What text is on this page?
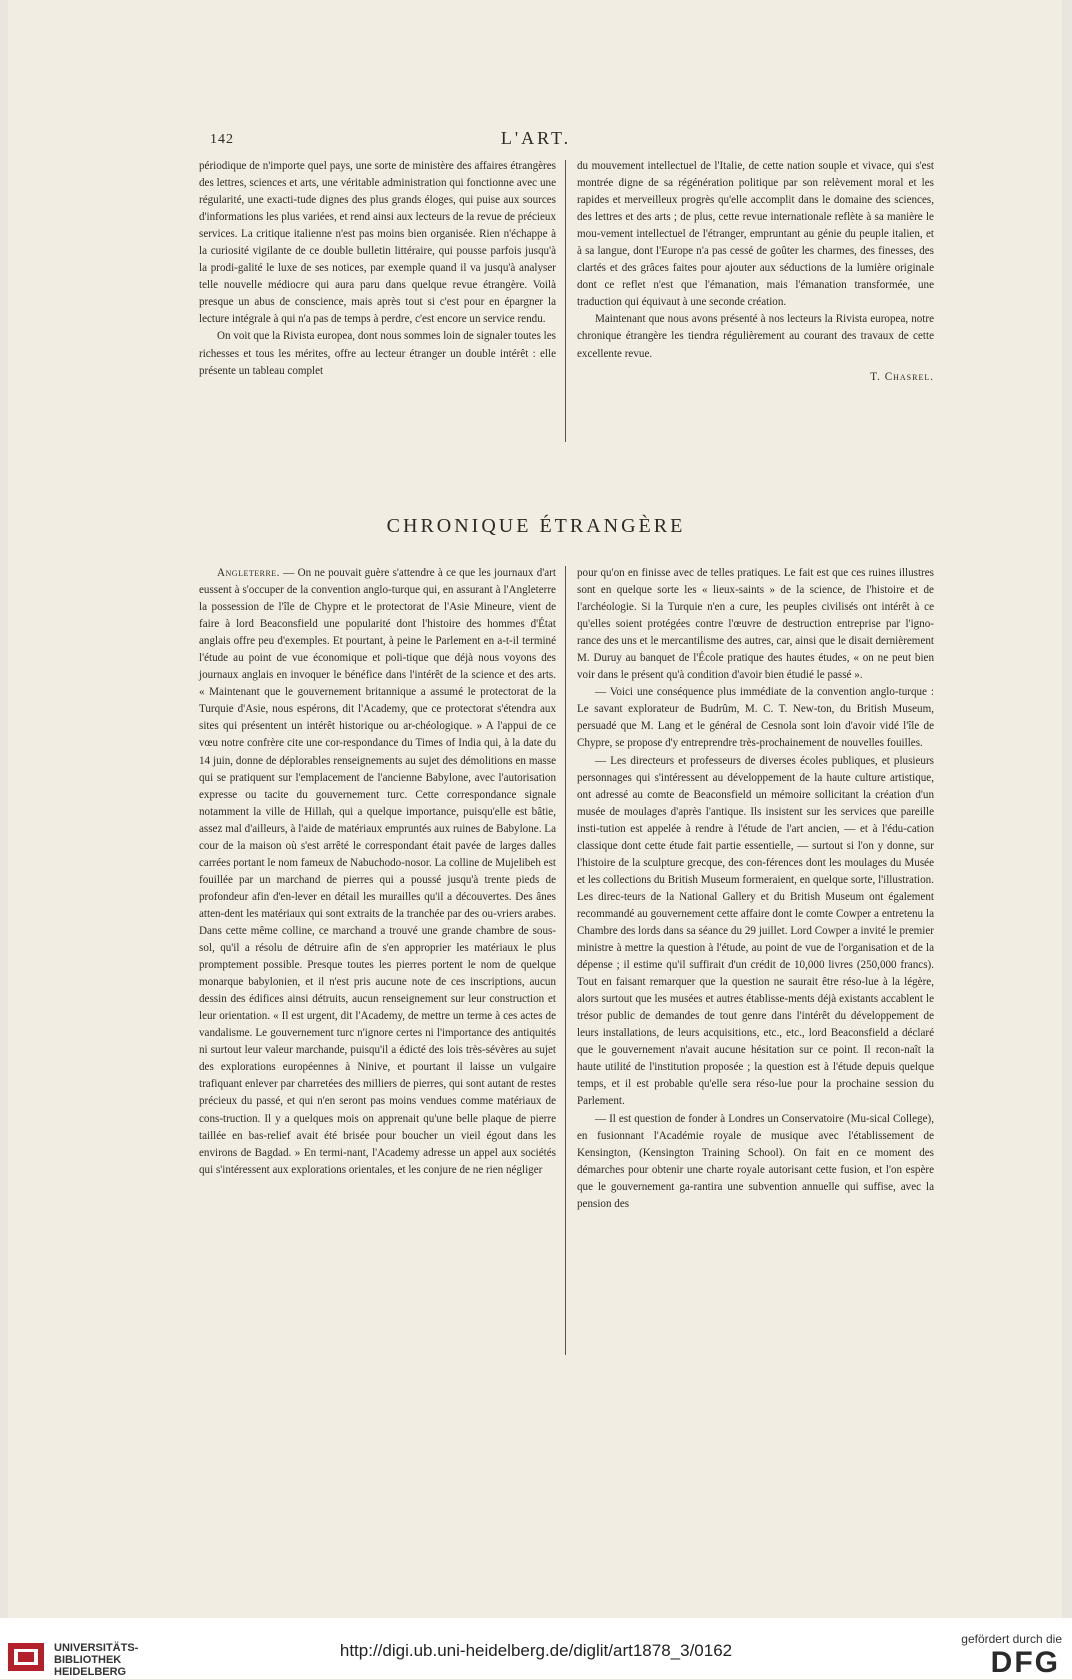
142	L'ART.

périodique de n'importe quel pays, une sorte de ministère des affaires étrangères des lettres, sciences et arts, une véritable administration qui fonctionne avec une régularité, une exacti-tude dignes des plus grands éloges, qui puise aux sources d'informations les plus variées, et rend ainsi aux lecteurs de la revue de précieux services. La critique italienne n'est pas moins bien organisée. Rien n'échappe à la curiosité vigilante de ce double bulletin littéraire, qui pousse parfois jusqu'à la prodi-galité le luxe de ses notices, par exemple quand il va jusqu'à analyser telle nouvelle médiocre qui aura paru dans quelque revue étrangère. Voilà presque un abus de conscience, mais après tout si c'est pour en épargner la lecture intégrale à qui n'a pas de temps à perdre, c'est encore un service rendu.

On voit que la Rivista europea, dont nous sommes loin de signaler toutes les richesses et tous les mérites, offre au lecteur étranger un double intérêt : elle présente un tableau complet

du mouvement intellectuel de l'Italie, de cette nation souple et vivace, qui s'est montrée digne de sa régénération politique par son relèvement moral et les rapides et merveilleux progrès qu'elle accomplit dans le domaine des sciences, des lettres et des arts ; de plus, cette revue internationale reflète à sa manière le mou-vement intellectuel de l'étranger, empruntant au génie du peuple italien, et à sa langue, dont l'Europe n'a pas cessé de goûter les charmes, des finesses, des clartés et des grâces faites pour ajouter aux séductions de la lumière originale dont ce reflet n'est que l'émanation, mais l'émanation transformée, une traduction qui équivaut à une seconde création.

Maintenant que nous avons présenté à nos lecteurs la Rivista europea, notre chronique étrangère les tiendra régulièrement au courant des travaux de cette excellente revue.

T. Chasrel.

CHRONIQUE ÉTRANGÈRE

Angleterre. — On ne pouvait guère s'attendre à ce que les journaux d'art eussent à s'occuper de la convention anglo-turque qui, en assurant à l'Angleterre la possession de l'île de Chypre et le protectorat de l'Asie Mineure, vient de faire à lord Beaconsfield une popularité dont l'histoire des hommes d'État anglais offre peu d'exemples. Et pourtant, à peine le Parlement en a-t-il terminé l'étude au point de vue économique et poli-tique que déjà nous voyons des journaux anglais en invoquer le bénéfice dans l'intérêt de la science et des arts. « Maintenant que le gouvernement britannique a assumé le protectorat de la Turquie d'Asie, nous espérons, dit l'Academy, que ce protectorat s'étendra aux sites qui présentent un intérêt historique ou ar-chéologique. » A l'appui de ce vœu notre confrère cite une cor-respondance du Times of India qui, à la date du 14 juin, donne de déplorables renseignements au sujet des démolitions en masse qui se pratiquent sur l'emplacement de l'ancienne Babylone, avec l'autorisation expresse ou tacite du gouvernement turc. Cette correspondance signale notamment la ville de Hillah, qui a quelque importance, puisqu'elle est bâtie, assez mal d'ailleurs, à l'aide de matériaux empruntés aux ruines de Babylone. La cour de la maison où s'est arrêté le correspondant était pavée de larges dalles carrées portant le nom fameux de Nabuchodo-nosor. La colline de Mujelibeh est fouillée par un marchand de pierres qui a poussé jusqu'à trente pieds de profondeur afin d'en-lever en détail les murailles qu'il a découvertes. Des ânes atten-dent les matériaux qui sont extraits de la tranchée par des ou-vriers arabes. Dans cette même colline, ce marchand a trouvé une grande chambre de sous-sol, qu'il a résolu de détruire afin de s'en approprier les matériaux le plus promptement possible. Presque toutes les pierres portent le nom de quelque monarque babylonien, et il n'est pris aucune note de ces inscriptions, aucun dessin des édifices ainsi détruits, aucun renseignement sur leur construction et leur orientation. « Il est urgent, dit l'Academy, de mettre un terme à ces actes de vandalisme. Le gouvernement turc n'ignore certes ni l'importance des antiquités ni surtout leur valeur marchande, puisqu'il a édicté des lois très-sévères au sujet des explorations européennes à Ninive, et pourtant il laisse un vulgaire trafiquant enlever par charretées des milliers de pierres, qui sont autant de restes précieux du passé, et qui n'en seront pas moins vendues comme matériaux de cons-truction. Il y a quelques mois on apprenait qu'une belle plaque de pierre taillée en bas-relief avait été brisée pour boucher un vieil égout dans les environs de Bagdad. » En termi-nant, l'Academy adresse un appel aux sociétés qui s'intéressent aux explorations orientales, et les conjure de ne rien négliger

pour qu'on en finisse avec de telles pratiques. Le fait est que ces ruines illustres sont en quelque sorte les « lieux-saints » de la science, de l'histoire et de l'archéologie. Si la Turquie n'en a cure, les peuples civilisés ont intérêt à ce qu'elles soient protégées contre l'œuvre de destruction entreprise par l'igno-rance des uns et le mercantilisme des autres, car, ainsi que le disait dernièrement M. Duruy au banquet de l'École pratique des hautes études, « on ne peut bien voir dans le présent qu'à condition d'avoir bien étudié le passé ».

— Voici une conséquence plus immédiate de la convention anglo-turque : Le savant explorateur de Budrûm, M. C. T. New-ton, du British Museum, persuadé que M. Lang et le général de Cesnola sont loin d'avoir vidé l'île de Chypre, se propose d'y entreprendre très-prochainement de nouvelles fouilles.

— Les directeurs et professeurs de diverses écoles publiques, et plusieurs personnages qui s'intéressent au développement de la haute culture artistique, ont adressé au comte de Beaconsfield un mémoire sollicitant la création d'un musée de moulages d'après l'antique. Ils insistent sur les services que pareille insti-tution est appelée à rendre à l'étude de l'art ancien, — et à l'édu-cation classique dont cette étude fait partie essentielle, — surtout si l'on y donne, sur l'histoire de la sculpture grecque, des con-férences dont les moulages du Musée et les collections du British Museum formeraient, en quelque sorte, l'illustration. Les direc-teurs de la National Gallery et du British Museum ont également recommandé au gouvernement cette affaire dont le comte Cowper a entretenu la Chambre des lords dans sa séance du 29 juillet. Lord Cowper a invité le premier ministre à mettre la question à l'étude, au point de vue de l'organisation et de la dépense ; il estime qu'il suffirait d'un crédit de 10,000 livres (250,000 francs). Tout en faisant remarquer que la question ne saurait être réso-lue à la légère, alors surtout que les musées et autres établisse-ments déjà existants accablent le trésor public de demandes de tout genre dans l'intérêt du développement de leurs installations, de leurs acquisitions, etc., etc., lord Beaconsfield a déclaré que le gouvernement n'avait aucune hésitation sur ce point. Il recon-naît la haute utilité de l'institution proposée ; la question est à l'étude depuis quelque temps, et il est probable qu'elle sera réso-lue pour la prochaine session du Parlement.

— Il est question de fonder à Londres un Conservatoire (Mu-sical College), en fusionnant l'Académie royale de musique avec l'établissement de Kensington, (Kensington Training School). On fait en ce moment des démarches pour obtenir une charte royale autorisant cette fusion, et l'on espère que le gouvernement ga-rantira une subvention annuelle qui suffise, avec la pension des

UNIVERSITÄTS-
BIBLIOTHEK
HEIDELBERG
http://digi.ub.uni-heidelberg.de/diglit/art1878_3/0162
gefördert durch die
DFG
